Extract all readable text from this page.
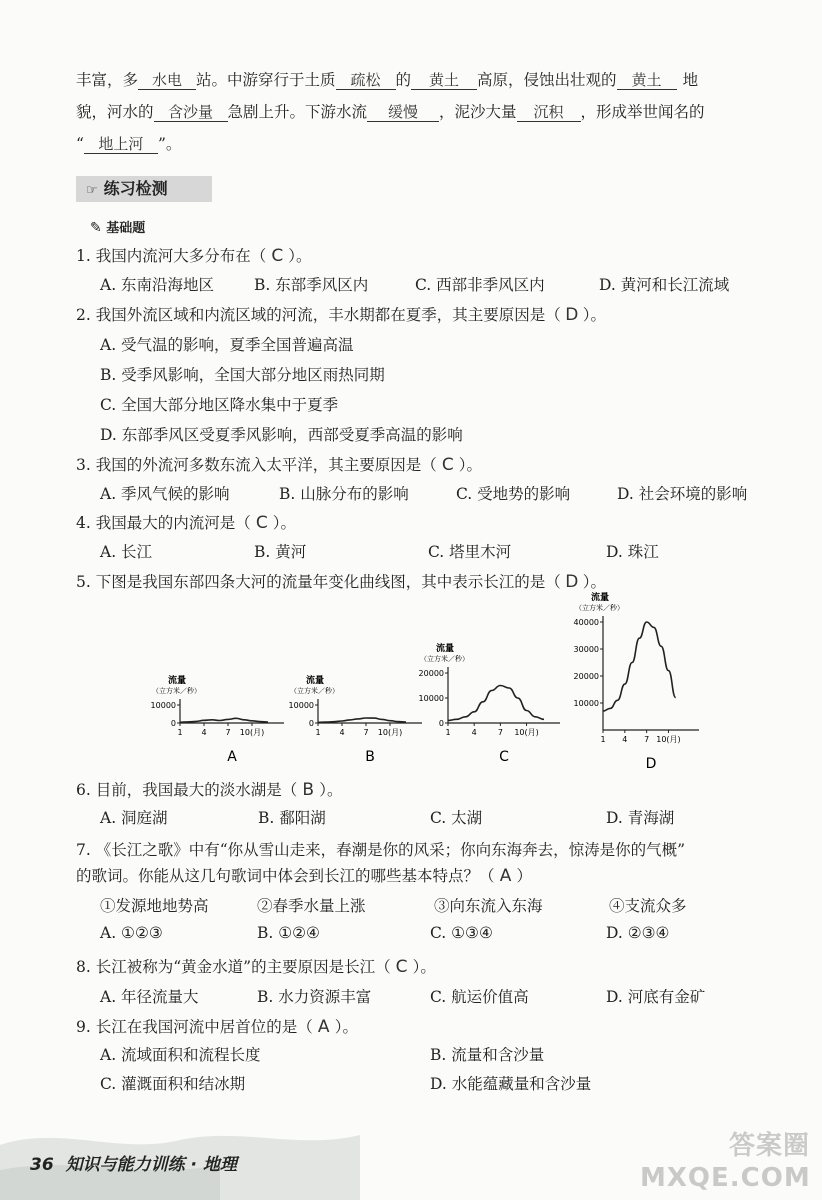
丰富，多 水电 站。中游穿行于土质 疏松 的 黄土 高原，侵蚀出壮观的 黄土 地
貌，河水的 含沙量 急剧上升。下游水流 缓慢 ，泥沙大量 沉积 ，形成举世闻名的
“ 地上河 ”。
☞ 练习检测
✎ 基础题
1. 我国内流河大多分布在（ C ）。
A. 东南沿海地区	B. 东部季风区内	C. 西部非季风区内	D. 黄河和长江流域
2. 我国外流区域和内流区域的河流，丰水期都在夏季，其主要原因是（ D ）。
A. 受气温的影响，夏季全国普遍高温
B. 受季风影响，全国大部分地区雨热同期
C. 全国大部分地区降水集中于夏季
D. 东部季风区受夏季风影响，西部受夏季高温的影响
3. 我国的外流河多数东流入太平洋，其主要原因是（ C ）。
A. 季风气候的影响	B. 山脉分布的影响	C. 受地势的影响	D. 社会环境的影响
4. 我国最大的内流河是（ C ）。
A. 长江	B. 黄河	C. 塔里木河	D. 珠江
5. 下图是我国东部四条大河的流量年变化曲线图，其中表示长江的是（ D ）。
流量
（立方米／秒）
0
10000
1 4 7 10(月)
A
流量
（立方米／秒）
0
10000
1 4 7 10(月)
B
流量
（立方米／秒）
0
10000
20000
1	4	7 10(月)
C
流量
（立方米／秒）
10000
20000
30000
40000
1 4 7 10(月)
D
6. 目前，我国最大的淡水湖是（ B ）。
A. 洞庭湖	B. 鄱阳湖	C. 太湖	D. 青海湖
7. 《长江之歌》中有“你从雪山走来，春潮是你的风采；你向东海奔去，惊涛是你的气概”
的歌词。你能从这几句歌词中体会到长江的哪些基本特点？（ A ）
①发源地地势高	②春季水量上涨	③向东流入东海	④支流众多
A. ①②③	B. ①②④	C. ①③④	D. ②③④
8. 长江被称为“黄金水道”的主要原因是长江（ C ）。
A. 年径流量大	B. 水力资源丰富	C. 航运价值高	D. 河底有金矿
9. 长江在我国河流中居首位的是（ A ）。
A. 流域面积和流程长度	B. 流量和含沙量
C. 灌溉面积和结冰期	D. 水能蕴藏量和含沙量
36 知识与能力训练 · 地理
答案圈 MXQE.COM
